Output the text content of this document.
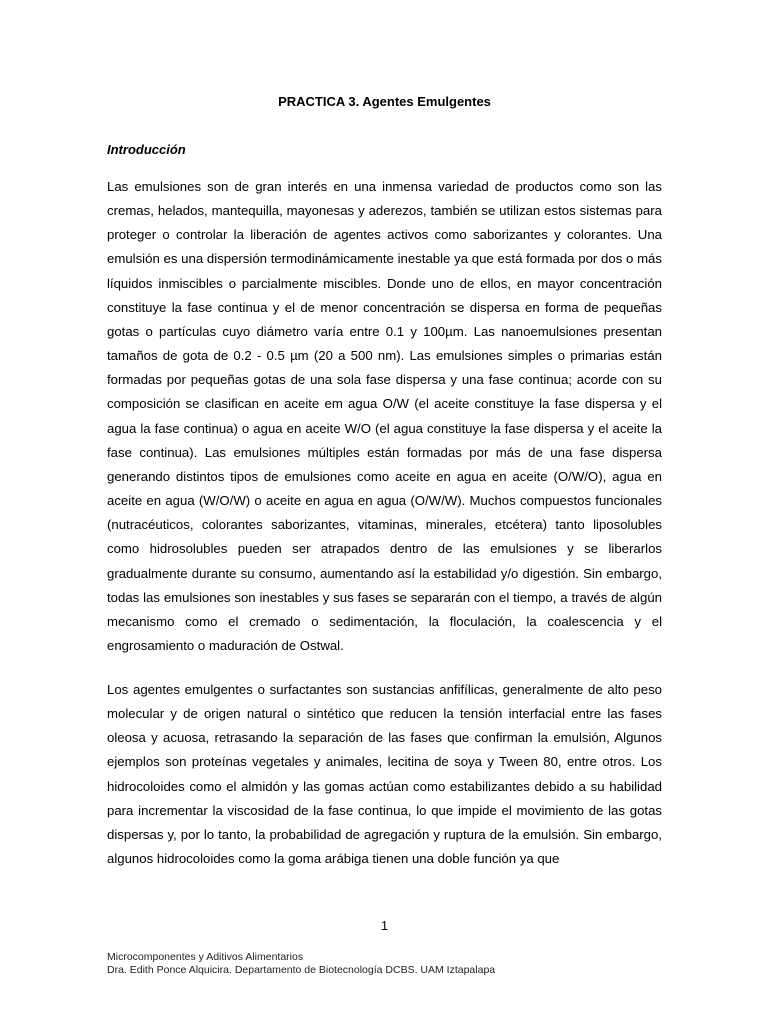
PRACTICA 3. Agentes Emulgentes
Introducción

Las emulsiones son de gran interés en una inmensa variedad de productos como son las cremas, helados, mantequilla, mayonesas y aderezos, también se utilizan estos sistemas para proteger o controlar la liberación de agentes activos como saborizantes y colorantes. Una emulsión es una dispersión termodinámicamente inestable ya que está formada por dos o más líquidos inmiscibles o parcialmente miscibles. Donde uno de ellos, en mayor concentración constituye la fase continua y el de menor concentración se dispersa en forma de pequeñas gotas o partículas cuyo diámetro varía entre 0.1 y 100µm. Las nanoemulsiones presentan tamaños de gota de 0.2 - 0.5 µm (20 a 500 nm). Las emulsiones simples o primarias están formadas por pequeñas gotas de una sola fase dispersa y una fase continua; acorde con su composición se clasifican en aceite em agua O/W (el aceite constituye la fase dispersa y el agua la fase continua) o agua en aceite W/O (el agua constituye la fase dispersa y el aceite la fase continua). Las emulsiones múltiples están formadas por más de una fase dispersa generando distintos tipos de emulsiones como aceite en agua en aceite (O/W/O), agua en aceite en agua (W/O/W) o aceite en agua en agua (O/W/W). Muchos compuestos funcionales (nutracéuticos, colorantes saborizantes, vitaminas, minerales, etcétera) tanto liposolubles como hidrosolubles pueden ser atrapados dentro de las emulsiones y se liberarlos gradualmente durante su consumo, aumentando así la estabilidad y/o digestión. Sin embargo, todas las emulsiones son inestables y sus fases se separarán con el tiempo, a través de algún mecanismo como el cremado o sedimentación, la floculación, la coalescencia y el engrosamiento o maduración de Ostwal.

Los agentes emulgentes o surfactantes son sustancias anfifílicas, generalmente de alto peso molecular y de origen natural o sintético que reducen la tensión interfacial entre las fases oleosa y acuosa, retrasando la separación de las fases que confirman la emulsión, Algunos ejemplos son proteínas vegetales y animales, lecitina de soya y Tween 80, entre otros. Los hidrocoloides como el almidón y las gomas actúan como estabilizantes debido a su habilidad para incrementar la viscosidad de la fase continua, lo que impide el movimiento de las gotas dispersas y, por lo tanto, la probabilidad de agregación y ruptura de la emulsión. Sin embargo, algunos hidrocoloides como la goma arábiga tienen una doble función ya que

1
Microcomponentes y Aditivos Alimentarios
Dra. Edith Ponce Alquicira. Departamento de Biotecnología DCBS. UAM Iztapalapa
